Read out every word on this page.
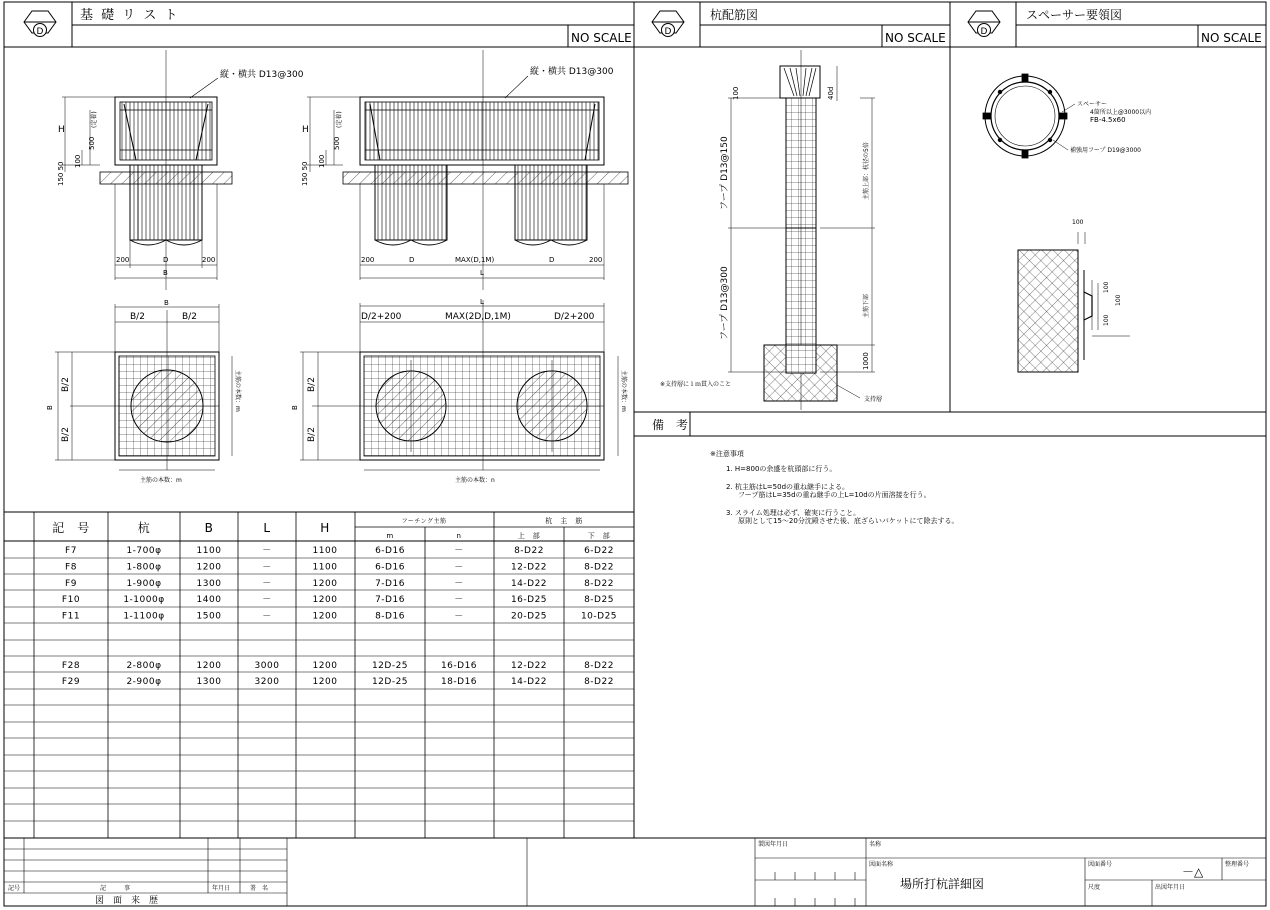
D
基 礎 リ ス ト
NO SCALE	D
杭配筋図
NO SCALE	D
スペーサー要領図
NO SCALE
縦・横共 D13@300
H
500
(定着)
100
150 50
200	D	200
B
縦・横共 D13@300
H
500
(定着)
100
150 50
200	D	MAX(D,1M)	D	200
L
B
B/2	B/2
B
B/2
B/2
主筋の本数：m
主筋の本数：m
L
D/2+200	MAX(2D,D,1M)	D/2+200
B
B/2
B/2
主筋の本数：m
主筋の本数：n
100	40d
フープ D13@150
フープ D13@300
主筋上部：杭径の5倍
主筋下部
1000
※支持層に１ｍ貫入のこと
支持層
スペーサー
4箇所以上@3000以内
FB-4.5x60
補強用フープ D19@3000
100
100
100
100
備　考
※注意事項
1. H=800の余盛を杭頭部に行う。
2. 杭主筋はL=50dの重ね継手による。
フープ筋はL=35dの重ね継手の上L=10dの片面溶接を行う。
3. スライム処理は必ず、確実に行うこと。
原則として15～20分沈殿させた後、底ざらいバケットにて除去する。
記　号	杭	B	L	H	フーチング主筋
m	n
杭　主　筋
上　部	下　部
F7	1-700φ	1100	－	1100	6-D16	－	8-D22	6-D22
F8	1-800φ	1200	－	1100	6-D16	－	12-D22	8-D22
F9	1-900φ	1300	－	1200	7-D16	－	14-D22	8-D22
F10	1-1000φ	1400	－	1200	7-D16	－	16-D25	8-D25
F11	1-1100φ	1500	－	1200	8-D16	－	20-D25	10-D25
F28	2-800φ	1200	3000	1200	12D-25	16-D16	12-D22	8-D22
F29	2-900φ	1300	3200	1200	12D-25	18-D16	14-D22	8-D22
記号	記　　　事	年月日	署　名
図　面　来　歴
製図年月日	名称
図面名称
場所打杭詳細図
図面番号
－△
整理番号
尺度	出図年月日
